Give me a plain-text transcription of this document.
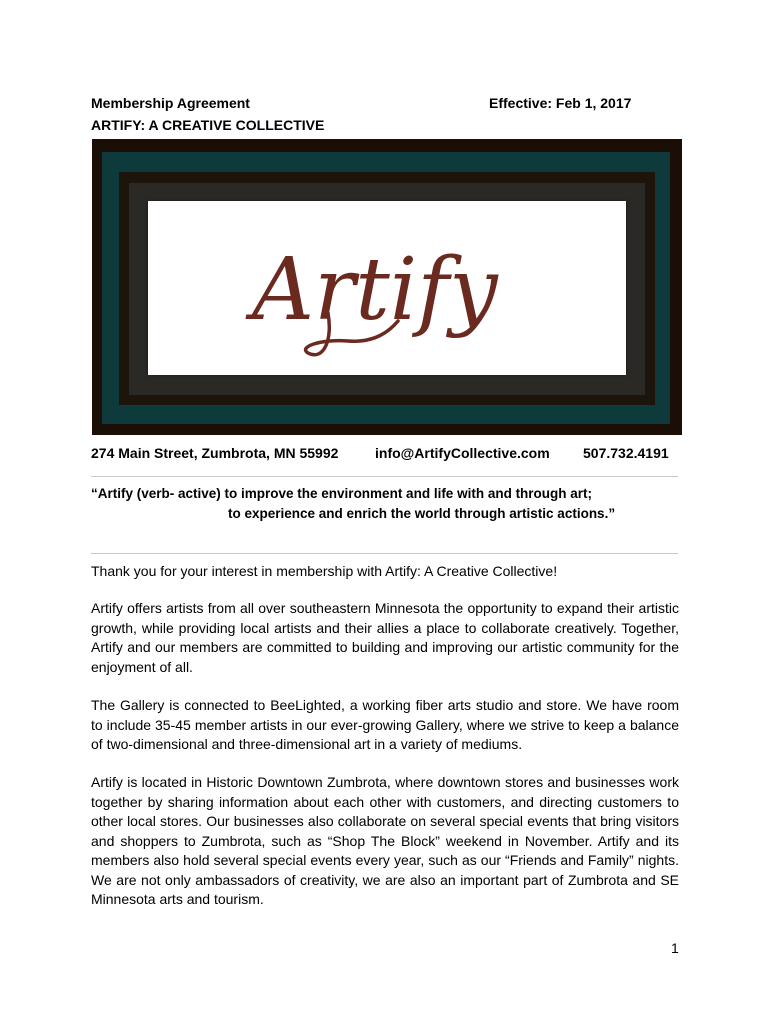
Membership Agreement
ARTIFY: A CREATIVE COLLECTIVE
Effective: Feb 1, 2017
Artify
274 Main Street, Zumbrota, MN 55992	info@ArtifyCollective.com 507.732.4191
“Artify (verb- active) to improve the environment and life with and through art;
to experience and enrich the world through artistic actions.”
Thank you for your interest in membership with Artify: A Creative Collective!
Artify offers artists from all over southeastern Minnesota the opportunity to expand their artistic growth, while providing local artists and their allies a place to collaborate creatively. Together, Artify and our members are committed to building and improving our artistic community for the enjoyment of all.
The Gallery is connected to BeeLighted, a working fiber arts studio and store. We have room to include 35-45 member artists in our ever-growing Gallery, where we strive to keep a balance of two-dimensional and three-dimensional art in a variety of mediums.
Artify is located in Historic Downtown Zumbrota, where downtown stores and businesses work together by sharing information about each other with customers, and directing customers to other local stores. Our businesses also collaborate on several special events that bring visitors and shoppers to Zumbrota, such as “Shop The Block” weekend in November. Artify and its members also hold several special events every year, such as our “Friends and Family” nights. We are not only ambassadors of creativity, we are also an important part of Zumbrota and SE Minnesota arts and tourism.
1
